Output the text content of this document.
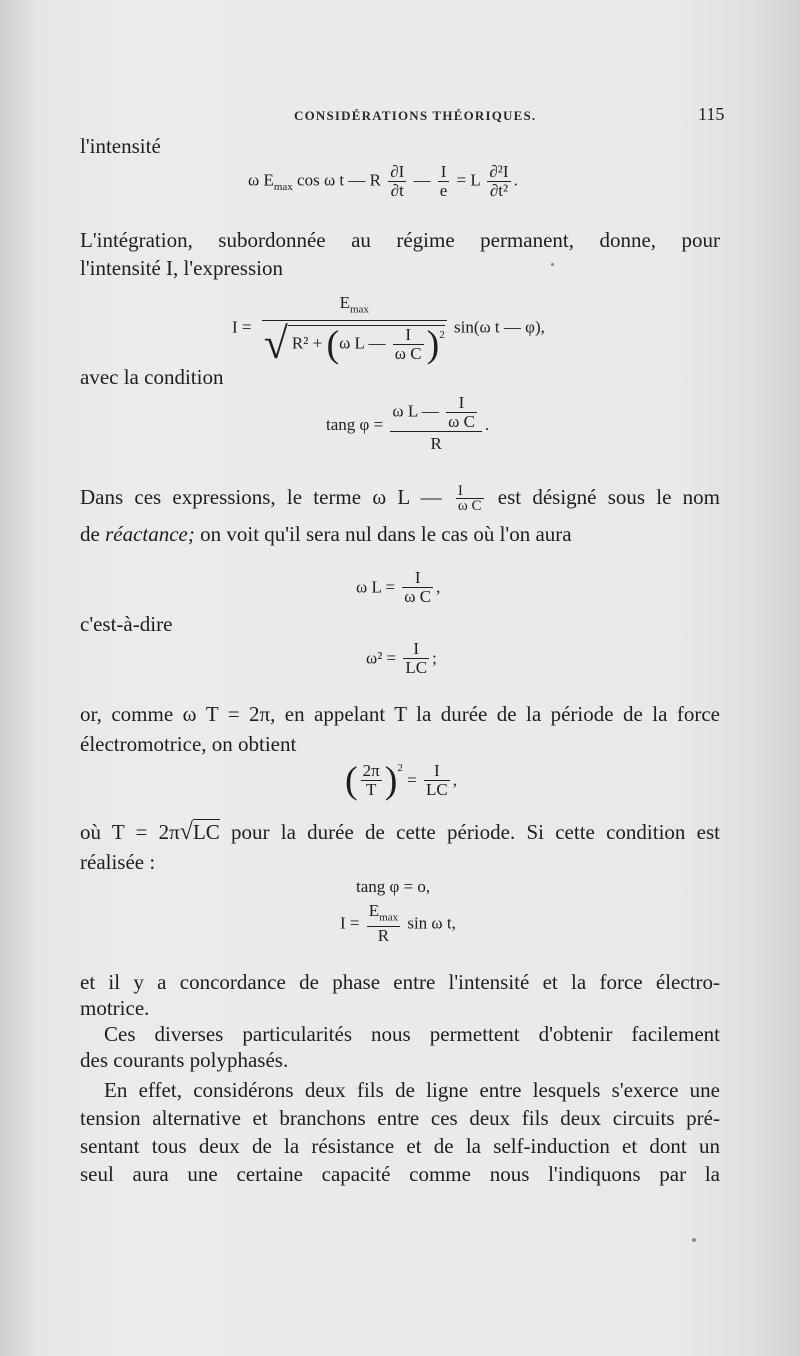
CONSIDÉRATIONS THÉORIQUES.	115
l'intensité
ω $E_{max}$ cos ω t — R $\frac{\partial I}{\partial t}$ — $\frac{I}{e} = L \frac{\text{∂²I}}{\text{∂t²}}$ .
L'intégration, subordonnée au régime permanent, donne, pour
l'intensité I, l'expression
$I = \frac{E_{max}}{√ R^2 + (\omega L — \frac{I}{\text{ω C}} )^2} \sin(\omega$ t — φ),
avec la condition
tang $\varphi = \frac{\omega L — \frac{I}{\text{ω C}}}{R}$ .
Dans ces expressions, le terme ω L — $\frac{I}{\text{ω C}}$ est désigné sous le nom
de réactance; on voit qu'il sera nul dans le cas où l'on aura
ω $L = \frac{I}{\text{ω C}}$ ,
c'est-à-dire
$\omega^2 = \frac{I}{LC}$ ;
or, comme ω T = 2π, en appelant T la durée de la période de la force
électromotrice, on obtient
( $\frac{2\pi}{T} )^2 = \frac{I}{LC}$ ,
où T = 2π√LC pour la durée de cette période. Si cette condition est
réalisée :
tang φ = o,
$I = \frac{E_{max}}{R}$ sin ω t,
et il y a concordance de phase entre l'intensité et la force électro-
motrice.
Ces diverses particularités nous permettent d'obtenir facilement
des courants polyphasés.
En effet, considérons deux fils de ligne entre lesquels s'exerce une
tension alternative et branchons entre ces deux fils deux circuits pré-
sentant tous deux de la résistance et de la self-induction et dont un
seul aura une certaine capacité comme nous l'indiquons par la
